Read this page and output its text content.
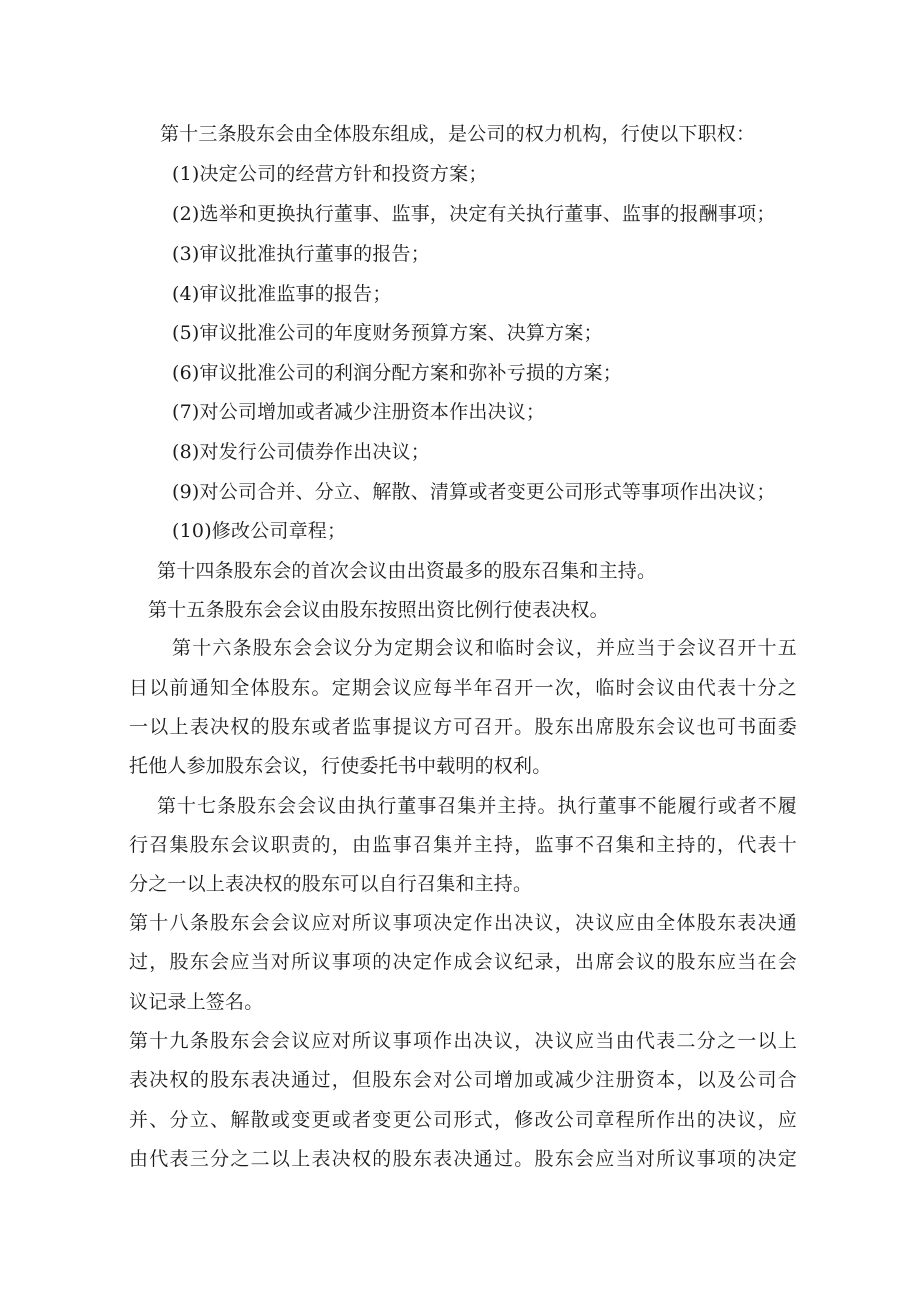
第十三条股东会由全体股东组成，是公司的权力机构，行使以下职权：
(1)决定公司的经营方针和投资方案；
(2)选举和更换执行董事、监事，决定有关执行董事、监事的报酬事项；
(3)审议批准执行董事的报告；
(4)审议批准监事的报告；
(5)审议批准公司的年度财务预算方案、决算方案；
(6)审议批准公司的利润分配方案和弥补亏损的方案；
(7)对公司增加或者减少注册资本作出决议；
(8)对发行公司债券作出决议；
(9)对公司合并、分立、解散、清算或者变更公司形式等事项作出决议；
(10)修改公司章程；
第十四条股东会的首次会议由出资最多的股东召集和主持。
第十五条股东会会议由股东按照出资比例行使表决权。
第十六条股东会会议分为定期会议和临时会议，并应当于会议召开十五
日以前通知全体股东。定期会议应每半年召开一次，临时会议由代表十分之
一以上表决权的股东或者监事提议方可召开。股东出席股东会议也可书面委
托他人参加股东会议，行使委托书中载明的权利。
第十七条股东会会议由执行董事召集并主持。执行董事不能履行或者不履
行召集股东会议职责的，由监事召集并主持，监事不召集和主持的，代表十
分之一以上表决权的股东可以自行召集和主持。
第十八条股东会会议应对所议事项决定作出决议，决议应由全体股东表决通
过，股东会应当对所议事项的决定作成会议纪录，出席会议的股东应当在会
议记录上签名。
第十九条股东会会议应对所议事项作出决议，决议应当由代表二分之一以上
表决权的股东表决通过，但股东会对公司增加或减少注册资本，以及公司合
并、分立、解散或变更或者变更公司形式，修改公司章程所作出的决议，应
由代表三分之二以上表决权的股东表决通过。股东会应当对所议事项的决定
